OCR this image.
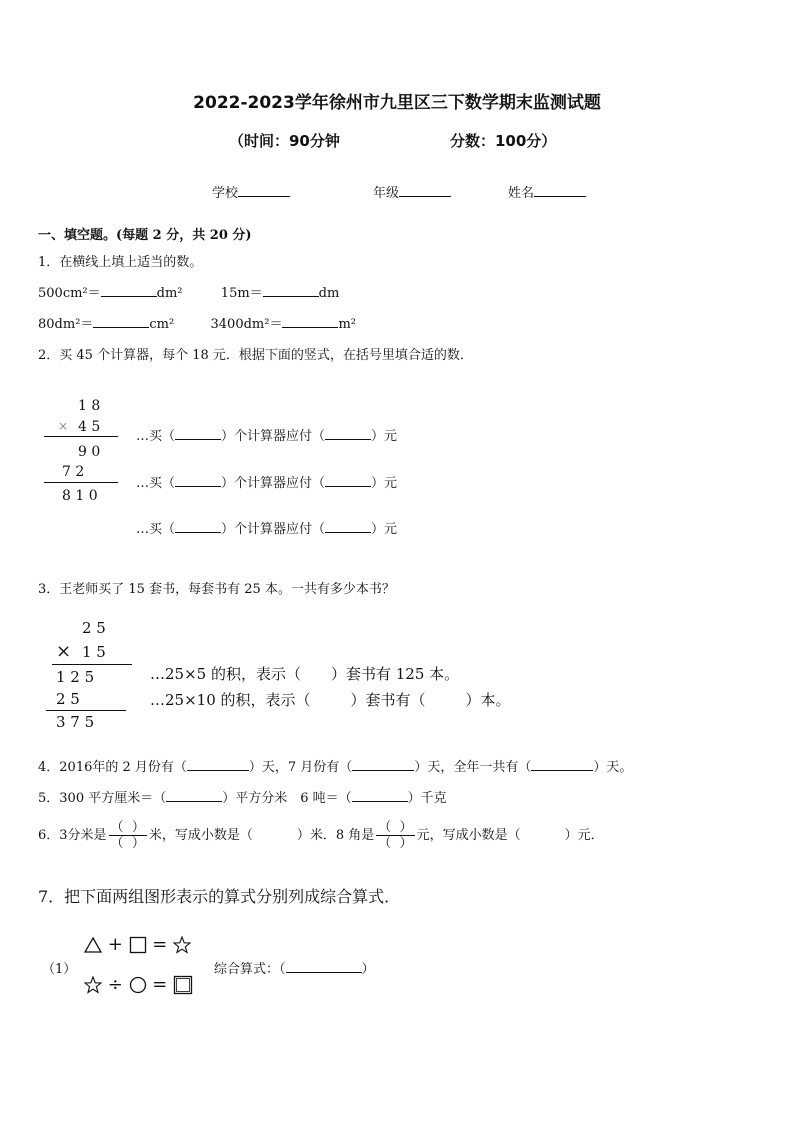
2022-2023学年徐州市九里区三下数学期末监测试题
（时间：90分钟	分数：100分）
学校	年级	姓名
一、填空题。(每题 2 分，共 20 分)
1．在横线上填上适当的数。
500cm²＝	dm²	15m＝	dm
80dm²＝	cm²	3400dm²＝	m²
2．买 45 个计算器，每个 18 元．根据下面的竖式，在括号里填合适的数．
1 8
× 4 5
9 0
7 2
8 1 0
…买（	）个计算器应付（	）元
…买（	）个计算器应付（	）元
…买（	）个计算器应付（	）元
3．王老师买了 15 套书，每套书有 25 本。一共有多少本书？
2 5
× 1 5
1 2 5
2 5
3 7 5
…25×5 的积，表示（　　）套书有 125 本。
…25×10 的积，表示（	）套书有（	）本。
4．2016年的 2 月份有（	）天，7 月份有（	）天，全年一共有（	）天。
5．300 平方厘米＝（	）平方分米　6 吨＝（	）千克
6．3分米是 $\frac{( )}{( )}$ 米，写成小数是（	）米．8 角是 $\frac{( )}{( )}$ 元，写成小数是（	）元．
7．把下面两组图形表示的算式分别列成综合算式．
（1）
+ =
÷ =
综合算式：（	）
